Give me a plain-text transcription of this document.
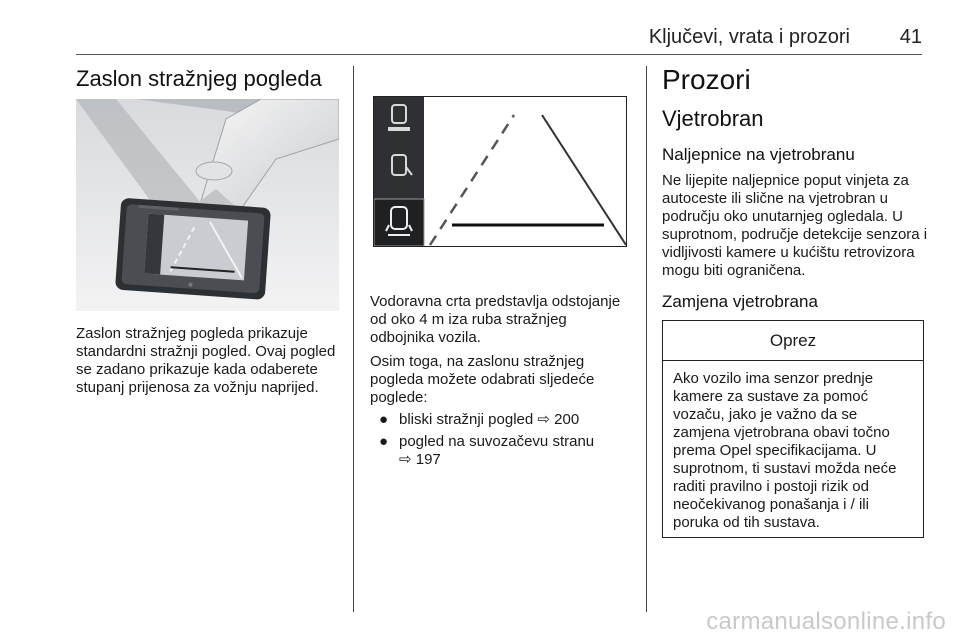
Ključevi, vrata i prozori 41
Zaslon stražnjeg pogleda
Zaslon stražnjeg pogleda prikazuje standardni stražnji pogled. Ovaj pogled se zadano prikazuje kada odaberete stupanj prijenosa za vožnju naprijed.
Vodoravna crta predstavlja odstojanje od oko 4 m iza ruba stražnjeg odbojnika vozila.
Osim toga, na zaslonu stražnjeg pogleda možete odabrati sljedeće poglede:
● bliski stražnji pogled ⇨ 200
● pogled na suvozačevu stranu
⇨ 197
Prozori
Vjetrobran
Naljepnice na vjetrobranu
Ne lijepite naljepnice poput vinjeta za autoceste ili slične na vjetrobran u području oko unutarnjeg ogledala. U suprotnom, područje detekcije senzora i vidljivosti kamere u kućištu retrovizora mogu biti ograničena.
Zamjena vjetrobrana
Oprez
Ako vozilo ima senzor prednje kamere za sustave za pomoć vozaču, jako je važno da se zamjena vjetrobrana obavi točno prema Opel specifikacijama. U suprotnom, ti sustavi možda neće raditi pravilno i postoji rizik od neočekivanog ponašanja i / ili poruka od tih sustava.
carmanualsonline.info
